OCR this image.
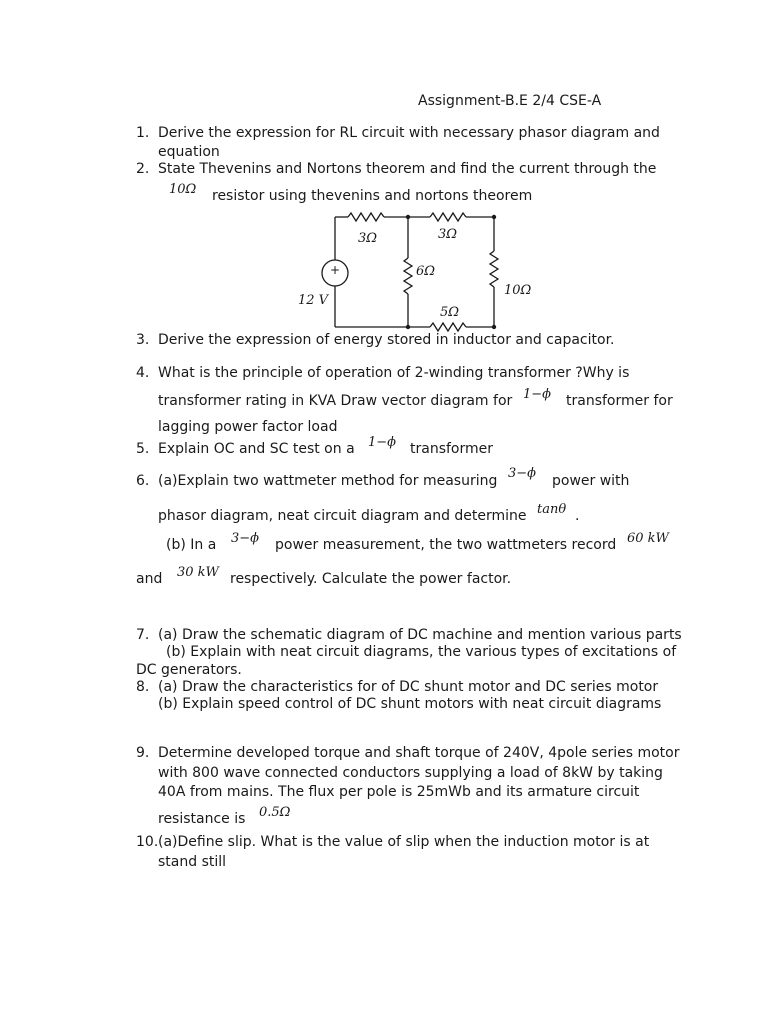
Assignment-B.E 2/4 CSE-A
1. Derive the expression for RL circuit with necessary phasor diagram and
equation
2. State Thevenins and Nortons theorem and find the current through the
10Ω resistor using thevenins and nortons theorem
+
3Ω	3Ω
6Ω
10Ω
5Ω
12 V
3. Derive the expression of energy stored in inductor and capacitor.
4. What is the principle of operation of 2-winding transformer ?Why is
transformer rating in KVA Draw vector diagram for 1−ϕ transformer for
lagging power factor load
5. Explain OC and SC test on a 1−ϕ transformer
6. (a)Explain two wattmeter method for measuring 3−ϕ power with
phasor diagram, neat circuit diagram and determine tanθ .
(b) In a 3−ϕ power measurement, the two wattmeters record 60 kW
and 30 kW respectively. Calculate the power factor.
7. (a) Draw the schematic diagram of DC machine and mention various parts
(b) Explain with neat circuit diagrams, the various types of excitations of
DC generators.
8. (a) Draw the characteristics for of DC shunt motor and DC series motor
(b) Explain speed control of DC shunt motors with neat circuit diagrams
9. Determine developed torque and shaft torque of 240V, 4pole series motor
with 800 wave connected conductors supplying a load of 8kW by taking
40A from mains. The flux per pole is 25mWb and its armature circuit
resistance is 0.5Ω
10. (a)Define slip. What is the value of slip when the induction motor is at
stand still
